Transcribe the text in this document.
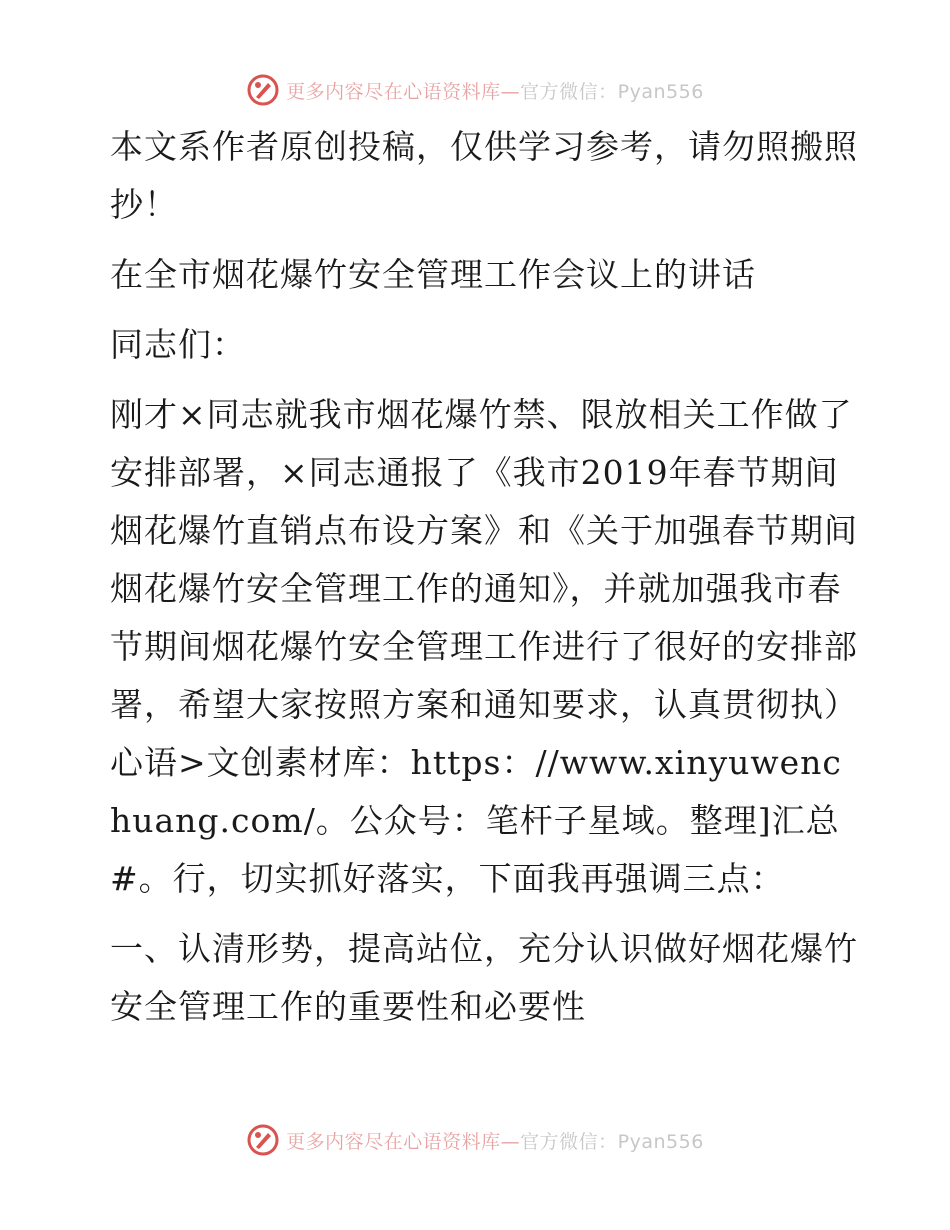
更多内容尽在心语资料库—官方微信：Pyan556

本文系作者原创投稿，仅供学习参考，请勿照搬照抄！

在全市烟花爆竹安全管理工作会议上的讲话

同志们：

刚才×同志就我市烟花爆竹禁、限放相关工作做了安排部署，×同志通报了《我市2019年春节期间烟花爆竹直销点布设方案》和《关于加强春节期间烟花爆竹安全管理工作的通知》，并就加强我市春节期间烟花爆竹安全管理工作进行了很好的安排部署，希望大家按照方案和通知要求，认真贯彻执）心语>文创素材库：https：//www.xinyuwenchuang.com/。公众号：笔杆子星域。整理]汇总#。行，切实抓好落实，下面我再强调三点：

一、认清形势，提高站位，充分认识做好烟花爆竹安全管理工作的重要性和必要性

更多内容尽在心语资料库—官方微信：Pyan556
